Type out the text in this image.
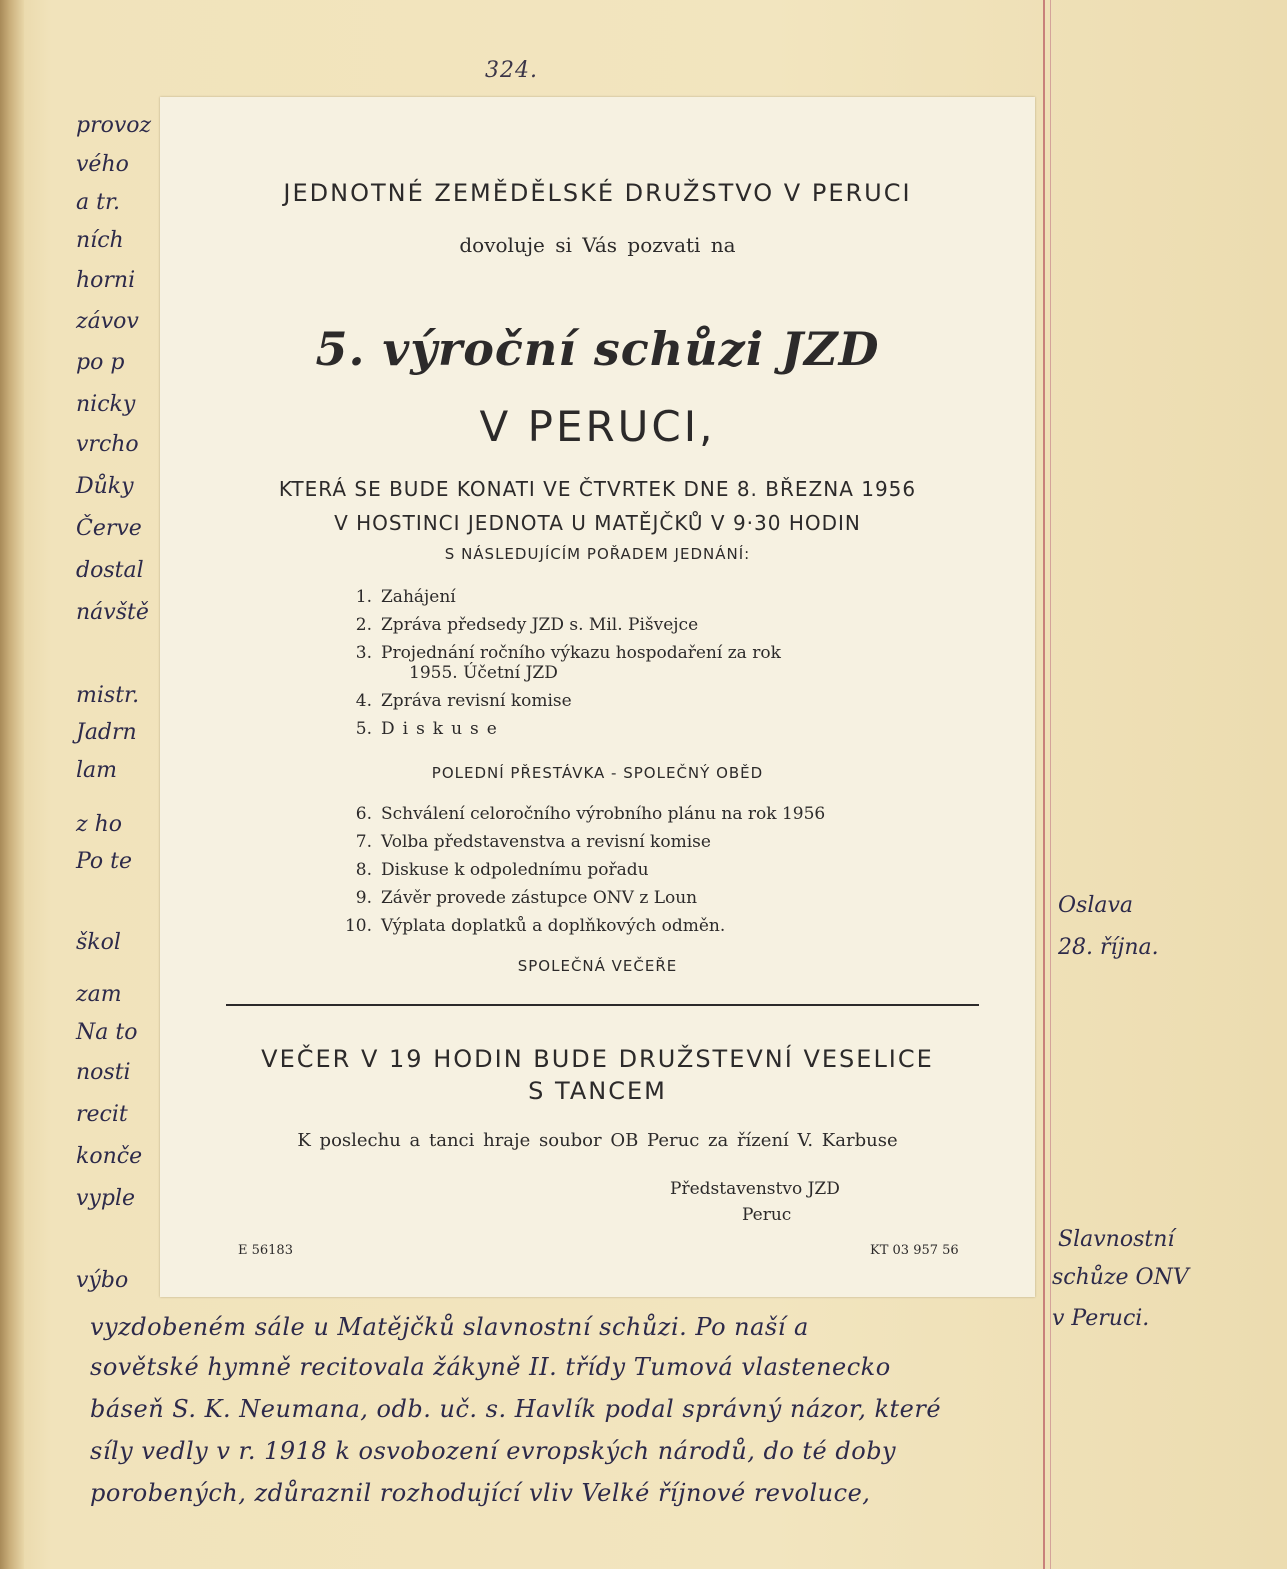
324.
provoz
vého
a tr.
ních
horni
závov
po p
nicky
vrcho
Důky
Červe
dostal
návště
mistr.
Jadrn
lam
z ho
Po te
škol
zam
Na to
nosti
recit
konče
vyple
výbo
JEDNOTNÉ ZEMĚDĚLSKÉ DRUŽSTVO V PERUCI
dovoluje si Vás pozvati na
5. výroční schůzi JZD
V PERUCI,
KTERÁ SE BUDE KONATI VE ČTVRTEK DNE 8. BŘEZNA 1956
V HOSTINCI JEDNOTA U MATĚJČKŮ V 9·30 HODIN
S NÁSLEDUJÍCÍM POŘADEM JEDNÁNÍ:
1. Zahájení
2. Zpráva předsedy JZD s. Mil. Pišvejce
3. Projednání ročního výkazu hospodaření za rok
1955. Účetní JZD
4. Zpráva revisní komise
5. Diskuse
POLEDNÍ PŘESTÁVKA - SPOLEČNÝ OBĚD
6. Schválení celoročního výrobního plánu na rok 1956
7. Volba představenstva a revisní komise
8. Diskuse k odpolednímu pořadu
9. Závěr provede zástupce ONV z Loun
10. Výplata doplatků a doplňkových odměn.
SPOLEČNÁ VEČEŘE
VEČER V 19 HODIN BUDE DRUŽSTEVNÍ VESELICE
S TANCEM
K poslechu a tanci hraje soubor OB Peruc za řízení V. Karbuse
Představenstvo JZD
Peruc
E 56183	KT 03 957 56
Oslava
28. října.
Slavnostní
schůze ONV
v Peruci.
vyzdobeném sále u Matějčků slavnostní schůzi. Po naší a
sovětské hymně recitovala žákyně II. třídy Tumová vlastenecko
báseň S. K. Neumana, odb. uč. s. Havlík podal správný názor, které
síly vedly v r. 1918 k osvobození evropských národů, do té doby
porobených, zdůraznil rozhodující vliv Velké říjnové revoluce,
